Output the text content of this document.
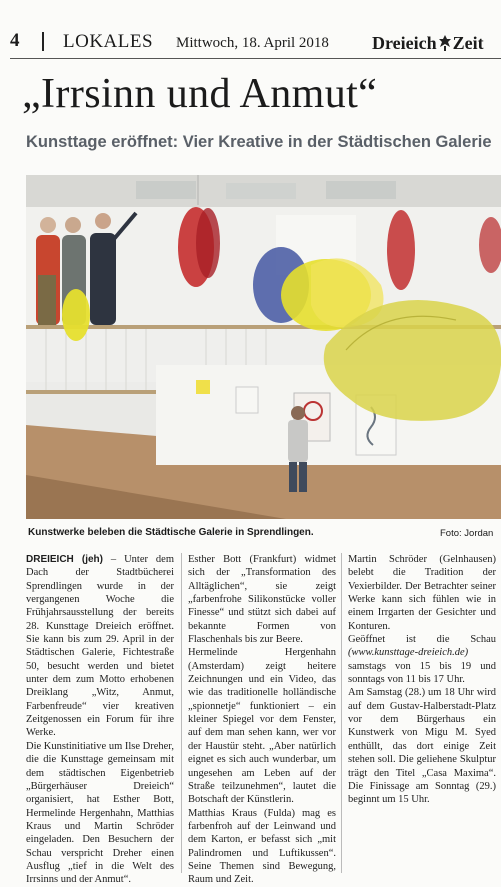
4 LOKALES Mittwoch, 18. April 2018 Dreieich Zeit
„Irrsinn und Anmut“
Kunsttage eröffnet: Vier Kreative in der Städtischen Galerie
Kunstwerke beleben die Städtische Galerie in Sprendlingen.	Foto: Jordan

DREIEICH (jeh) – Unter dem Dach der Stadtbücherei Sprendlingen wurde in der vergangenen Woche die Frühjahrsausstellung der bereits 28. Kunsttage Dreieich eröffnet. Sie kann bis zum 29. April in der Städtischen Galerie, Fichtestraße 50, besucht werden und bietet unter dem zum Motto erhobenen Dreiklang „Witz, Anmut, Farbenfreude“ vier kreativen Zeitgenossen ein Forum für ihre Werke.

Die Kunstinitiative um Ilse Dreher, die die Kunsttage gemeinsam mit dem städtischen Eigenbetrieb „Bürgerhäuser Dreieich“ organisiert, hat Esther Bott, Hermelinde Hergenhahn, Matthias Kraus und Martin Schröder eingeladen. Den Besuchern der Schau verspricht Dreher einen Ausflug „tief in die Welt des Irrsinns und der Anmut“.

Esther Bott (Frankfurt) widmet sich der „Transformation des Alltäglichen“, sie zeigt „farbenfrohe Silikonstücke voller Finesse“ und stützt sich dabei auf bekannte Formen von Flaschenhals bis zur Beere.

Hermelinde Hergenhahn (Amsterdam) zeigt heitere Zeichnungen und ein Video, das wie das traditionelle holländische „spionnetje“ funktioniert – ein kleiner Spiegel vor dem Fenster, auf dem man sehen kann, wer vor der Haustür steht. „Aber natürlich eignet es sich auch wunderbar, um ungesehen am Leben auf der Straße teilzunehmen“, lautet die Botschaft der Künstlerin.

Matthias Kraus (Fulda) mag es farbenfroh auf der Leinwand und dem Karton, er befasst sich „mit Palindromen und Luftikussen“. Seine Themen sind Bewegung, Raum und Zeit.

Martin Schröder (Gelnhausen) belebt die Tradition der Vexierbilder. Der Betrachter seiner Werke kann sich fühlen wie in einem Irrgarten der Gesichter und Konturen.

Geöffnet ist die Schau (www.kunsttage-dreieich.de) samstags von 15 bis 19 und sonntags von 11 bis 17 Uhr.

Am Samstag (28.) um 18 Uhr wird auf dem Gustav-Halberstadt-Platz vor dem Bürgerhaus ein Kunstwerk von Migu M. Syed enthüllt, das dort einige Zeit stehen soll. Die geliehene Skulptur trägt den Titel „Casa Maxima“. Die Finissage am Sonntag (29.) beginnt um 15 Uhr.
